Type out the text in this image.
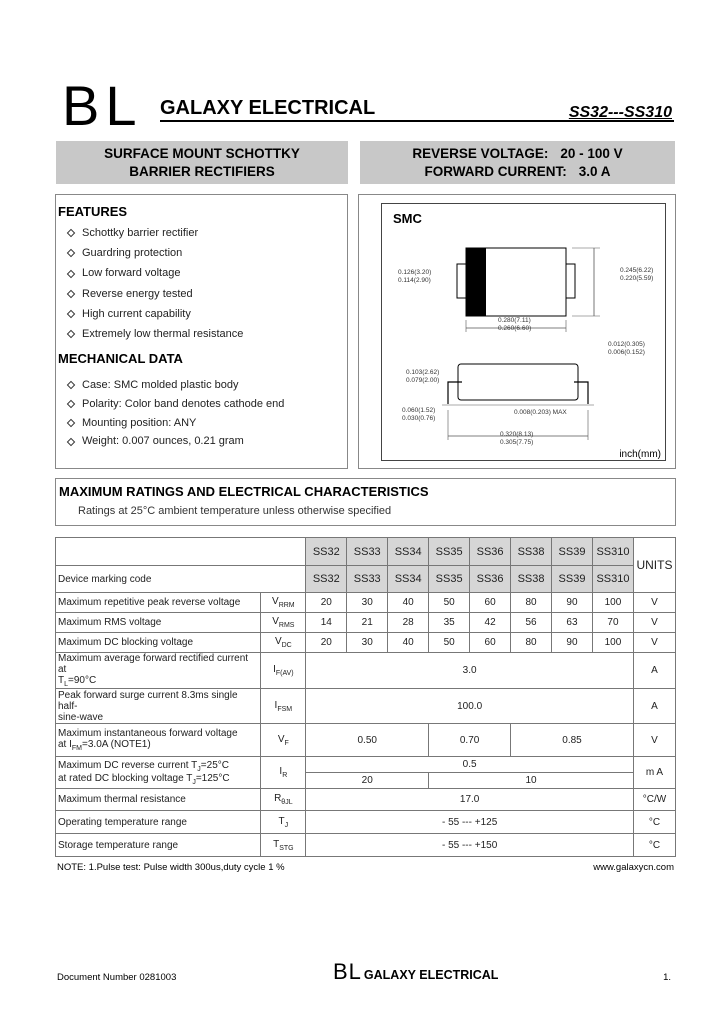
BL GALAXY ELECTRICAL	SS32---SS310
SURFACE MOUNT SCHOTTKY
BARRIER RECTIFIERS
REVERSE VOLTAGE: 20 - 100 V
FORWARD CURRENT: 3.0 A
FEATURES
Schottky barrier rectifier
Guardring protection
Low forward voltage
Reverse energy tested
High current capability
Extremely low thermal resistance
MECHANICAL DATA
Case: SMC molded plastic body
Polarity: Color band denotes cathode end
Mounting position: ANY
Weight: 0.007 ounces, 0.21 gram
0.126(3.20)
0.114(2.90)
0.245(6.22)
0.220(5.59)
0.280(7.11)
0.260(6.60)
0.012(0.305)
0.006(0.152)
0.103(2.62)
0.079(2.00)
0.060(1.52)
0.030(0.76)
0.008(0.203) MAX
0.320(8.13)
0.305(7.75)
SMC
inch(mm)
MAXIMUM RATINGS AND ELECTRICAL CHARACTERISTICS
Ratings at 25°C ambient temperature unless otherwise specified
		SS32	SS33	SS34	SS35	SS36	SS38	SS39	SS310	UNITS
Device marking code		SS32	SS33	SS34	SS35	SS36	SS38	SS39	SS310	
Maximum repetitive peak reverse voltage	$V_{RRM}$	20	30	40	50	60	80	90	100	V
Maximum RMS voltage	$V_{RMS}$	14	21	28	35	42	56	63	70	V
Maximum DC blocking voltage	$V_{DC}$	20	30	40	50	60	80	90	100	V

Maximum average forward rectified current at
$T_L=90^\circ C$	$I_{F(AV)}$	3.0								A

Peak forward surge current 8.3ms single half-
sine-wave	$I_{FSM}$	100.0								A

Maximum instantaneous forward voltage
at $I_{FM}=3.0A$ (NOTE1)	$V_F$	0.50			0.70		0.85			V

Maximum DC reverse current $T_J=25^\circ C$
at rated DC blocking voltage $T_J=125^\circ C$	$I_R$	0.5								m A
		20			10					
Maximum thermal resistance	$R_{\theta JL}$	17.0								°C/W
Operating temperature range	$T_J$	- 55 --- +125								°C
Storage temperature range	$T_{STG}$	- 55 --- +150								°C
NOTE: 1.Pulse test: Pulse width 300us,duty cycle 1 %	www.galaxycn.com
Document Number 0281003	BL GALAXY ELECTRICAL	1.
